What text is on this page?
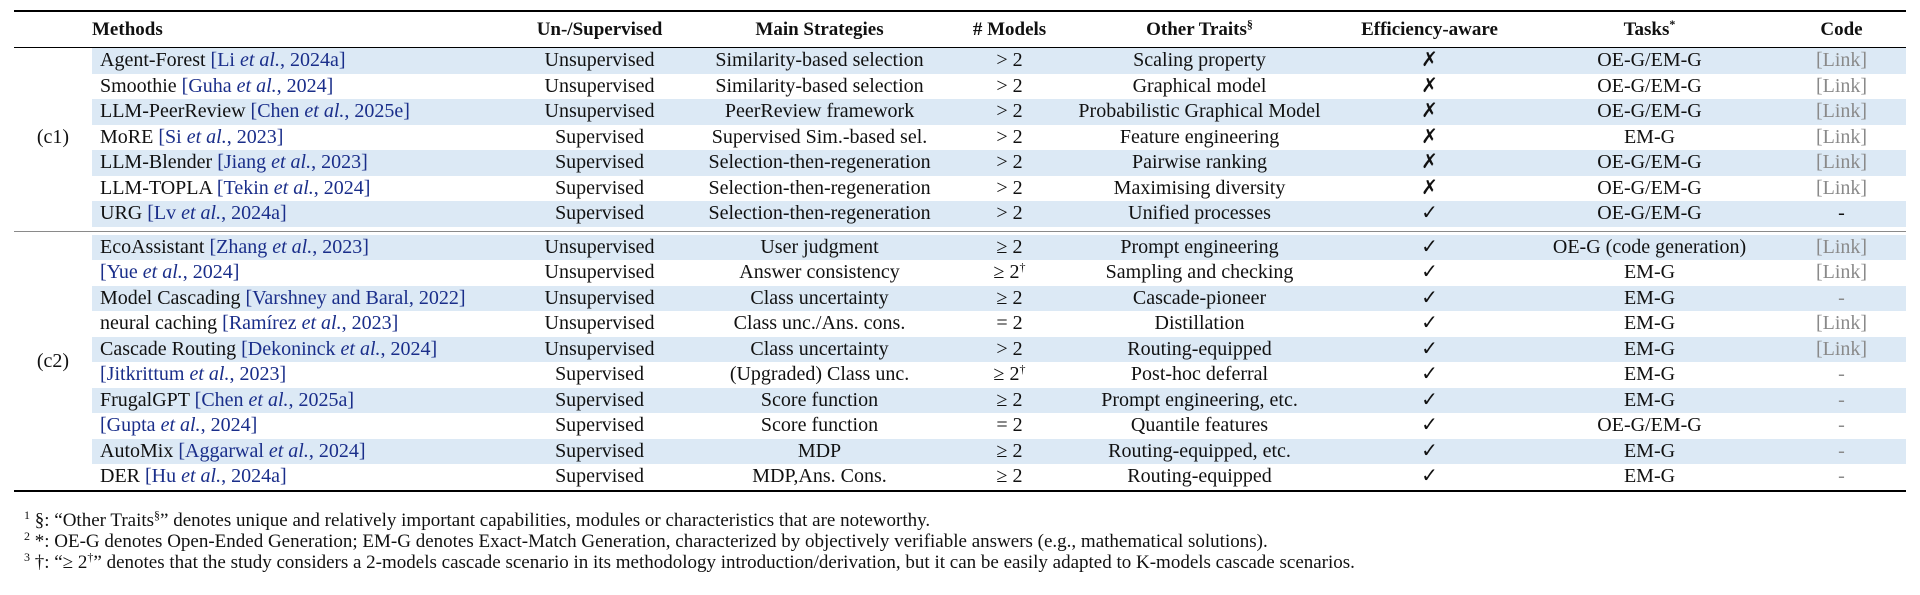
Methods		Un-/Supervised	Main Strategies	# Models	Other Traits§	Efficiency-aware	Tasks*	Code
(c1)	Agent-Forest [Li et al., 2024a]	Unsupervised	Similarity-based selection	> 2	Scaling property	✗	OE-G/EM-G	[Link]
	Smoothie [Guha et al., 2024]	Unsupervised	Similarity-based selection	> 2	Graphical model	✗	OE-G/EM-G	[Link]
	LLM-PeerReview [Chen et al., 2025e]	Unsupervised	PeerReview framework	> 2	Probabilistic Graphical Model	✗	OE-G/EM-G	[Link]
	MoRE [Si et al., 2023]	Supervised	Supervised Sim.-based sel.	> 2	Feature engineering	✗	EM-G	[Link]
	LLM-Blender [Jiang et al., 2023]	Supervised	Selection-then-regeneration	> 2	Pairwise ranking	✗	OE-G/EM-G	[Link]
	LLM-TOPLA [Tekin et al., 2024]	Supervised	Selection-then-regeneration	> 2	Maximising diversity	✗	OE-G/EM-G	[Link]
	URG [Lv et al., 2024a]	Supervised	Selection-then-regeneration	> 2	Unified processes	✓	OE-G/EM-G	-

(c2)	EcoAssistant [Zhang et al., 2023]	Unsupervised	User judgment	≥ 2	Prompt engineering	✓	OE-G (code generation)	[Link]
	[Yue et al., 2024]	Unsupervised	Answer consistency	≥ 2†	Sampling and checking	✓	EM-G	[Link]
	Model Cascading [Varshney and Baral, 2022]	Unsupervised	Class uncertainty	≥ 2	Cascade-pioneer	✓	EM-G	-
	neural caching [Ramírez et al., 2023]	Unsupervised	Class unc./Ans. cons.	= 2	Distillation	✓	EM-G	[Link]
	Cascade Routing [Dekoninck et al., 2024]	Unsupervised	Class uncertainty	> 2	Routing-equipped	✓	EM-G	[Link]
	[Jitkrittum et al., 2023]	Supervised	(Upgraded) Class unc.	≥ 2†	Post-hoc deferral	✓	EM-G	-
	FrugalGPT [Chen et al., 2025a]	Supervised	Score function	≥ 2	Prompt engineering, etc.	✓	EM-G	-
	[Gupta et al., 2024]	Supervised	Score function	= 2	Quantile features	✓	OE-G/EM-G	-
	AutoMix [Aggarwal et al., 2024]	Supervised	MDP	≥ 2	Routing-equipped, etc.	✓	EM-G	-
	DER [Hu et al., 2024a]	Supervised	MDP,Ans. Cons.	≥ 2	Routing-equipped	✓	EM-G	-

$^1$ §: “Other Traits§” denotes unique and relatively important capabilities, modules or characteristics that are noteworthy.
$^2$ *: OE-G denotes Open-Ended Generation; EM-G denotes Exact-Match Generation, characterized by objectively verifiable answers (e.g., mathematical solutions).
$^3$ †: “≥ 2†” denotes that the study considers a 2-models cascade scenario in its methodology introduction/derivation, but it can be easily adapted to K-models cascade scenarios.
